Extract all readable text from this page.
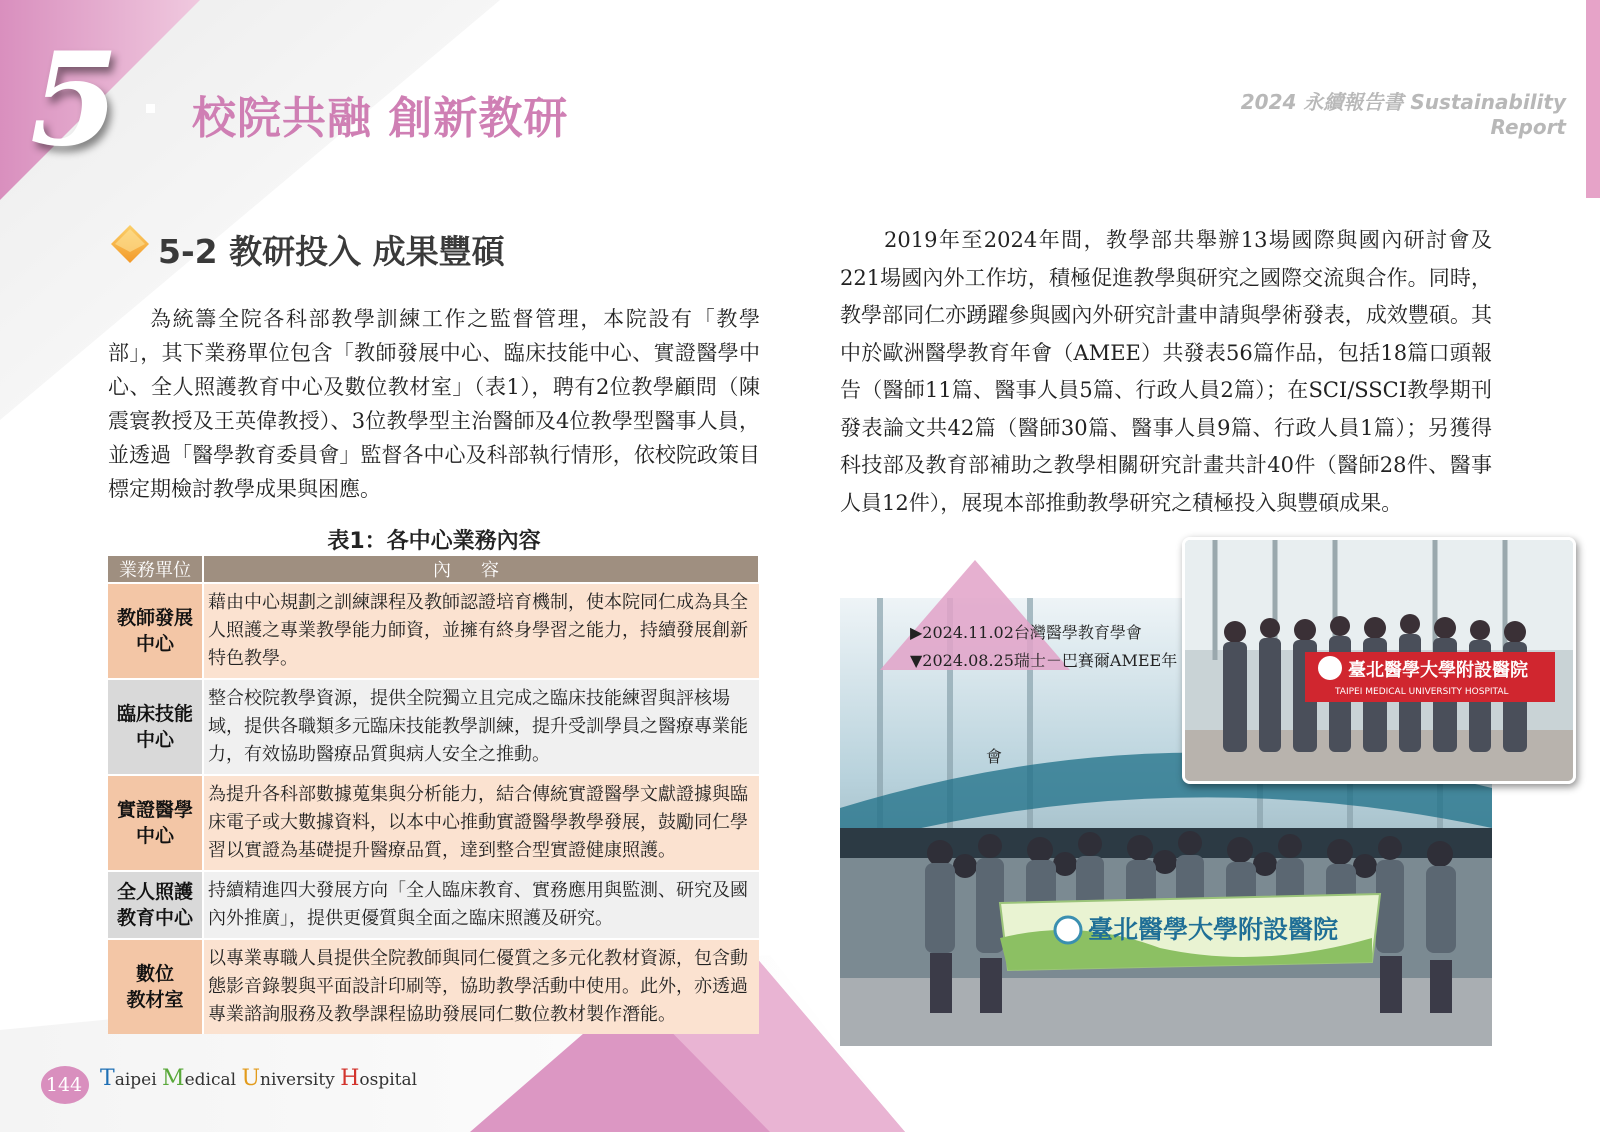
5 校院共融 創新教研	2024 永續報告書 Sustainability Report
5-2 教研投入 成果豐碩
為統籌全院各科部教學訓練工作之監督管理，本院設有「教學部」，其下業務單位包含「教師發展中心、臨床技能中心、實證醫學中心、全人照護教育中心及數位教材室」（表1），聘有2位教學顧問（陳震寰教授及王英偉教授）、3位教學型主治醫師及4位教學型醫事人員，並透過「醫學教育委員會」監督各中心及科部執行情形，依校院政策目標定期檢討教學成果與困應。
表1：各中心業務內容
業務單位	內容
教師發展
中心	藉由中心規劃之訓練課程及教師認證培育機制，使本院同仁成為具全人照護之專業教學能力師資，並擁有終身學習之能力，持續發展創新特色教學。
臨床技能
中心	整合校院教學資源，提供全院獨立且完成之臨床技能練習與評核場域，提供各職類多元臨床技能教學訓練，提升受訓學員之醫療專業能力，有效協助醫療品質與病人安全之推動。
實證醫學
中心	為提升各科部數據蒐集與分析能力，結合傳統實證醫學文獻證據與臨床電子或大數據資料，以本中心推動實證醫學教學發展，鼓勵同仁學習以實證為基礎提升醫療品質，達到整合型實證健康照護。
全人照護
教育中心	持續精進四大發展方向「全人臨床教育、實務應用與監測、研究及國內外推廣」，提供更優質與全面之臨床照護及研究。
數位
教材室	以專業專職人員提供全院教師與同仁優質之多元化教材資源，包含動態影音錄製與平面設計印刷等，協助教學活動中使用。此外，亦透過專業諮詢服務及教學課程協助發展同仁數位教材製作潛能。
2019年至2024年間，教學部共舉辦13場國際與國內研討會及221場國內外工作坊，積極促進教學與研究之國際交流與合作。同時，教學部同仁亦踴躍參與國內外研究計畫申請與學術發表，成效豐碩。其中於歐洲醫學教育年會（AMEE）共發表56篇作品，包括18篇口頭報告（醫師11篇、醫事人員5篇、行政人員2篇）；在SCI/SSCI教學期刊發表論文共42篇（醫師30篇、醫事人員9篇、行政人員1篇）；另獲得科技部及教育部補助之教學相關研究計畫共計40件（醫師28件、醫事人員12件），展現本部推動教學研究之積極投入與豐碩成果。
臺北醫學大學附設醫院
▶2024.11.02台灣醫學教育學會
▼2024.08.25瑞士－巴賽爾AMEE年
會
臺北醫學大學附設醫院
TAIPEI MEDICAL UNIVERSITY HOSPITAL
144 Taipei Medical University Hospital
